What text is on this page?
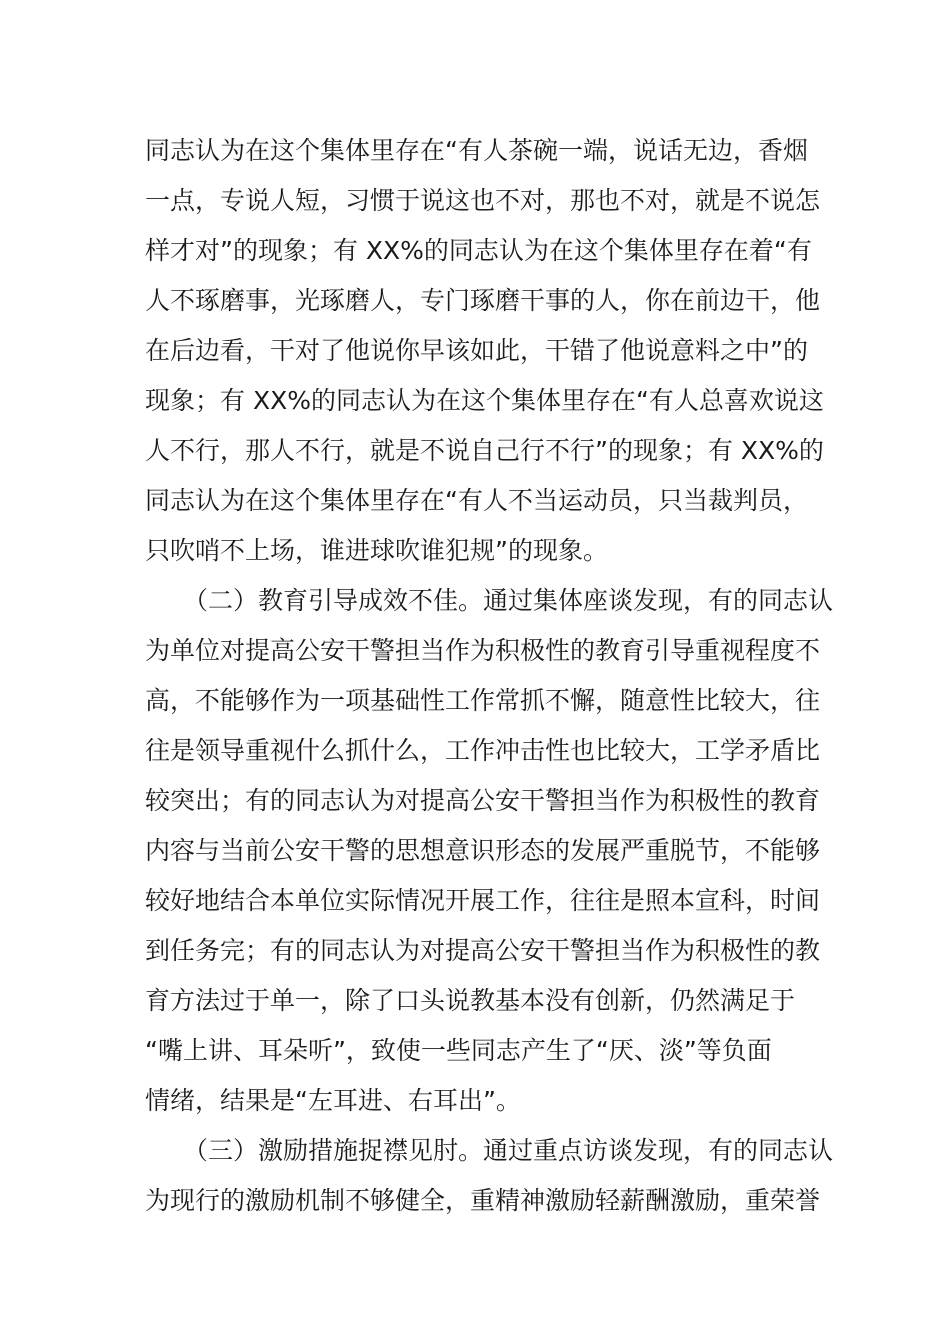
同志认为在这个集体里存在“有人茶碗一端，说话无边，香烟
一点，专说人短，习惯于说这也不对，那也不对，就是不说怎
样才对”的现象；有 XX%的同志认为在这个集体里存在着“有
人不琢磨事，光琢磨人，专门琢磨干事的人，你在前边干，他
在后边看，干对了他说你早该如此，干错了他说意料之中”的
现象；有 XX%的同志认为在这个集体里存在“有人总喜欢说这
人不行，那人不行，就是不说自己行不行”的现象；有 XX%的
同志认为在这个集体里存在“有人不当运动员，只当裁判员，
只吹哨不上场，谁进球吹谁犯规”的现象。
（二）教育引导成效不佳。通过集体座谈发现，有的同志认
为单位对提高公安干警担当作为积极性的教育引导重视程度不
高，不能够作为一项基础性工作常抓不懈，随意性比较大，往
往是领导重视什么抓什么，工作冲击性也比较大，工学矛盾比
较突出；有的同志认为对提高公安干警担当作为积极性的教育
内容与当前公安干警的思想意识形态的发展严重脱节，不能够
较好地结合本单位实际情况开展工作，往往是照本宣科，时间
到任务完；有的同志认为对提高公安干警担当作为积极性的教
育方法过于单一，除了口头说教基本没有创新，仍然满足于
“嘴上讲、耳朵听”，致使一些同志产生了“厌、淡”等负面
情绪，结果是“左耳进、右耳出”。
（三）激励措施捉襟见肘。通过重点访谈发现，有的同志认
为现行的激励机制不够健全，重精神激励轻薪酬激励，重荣誉
